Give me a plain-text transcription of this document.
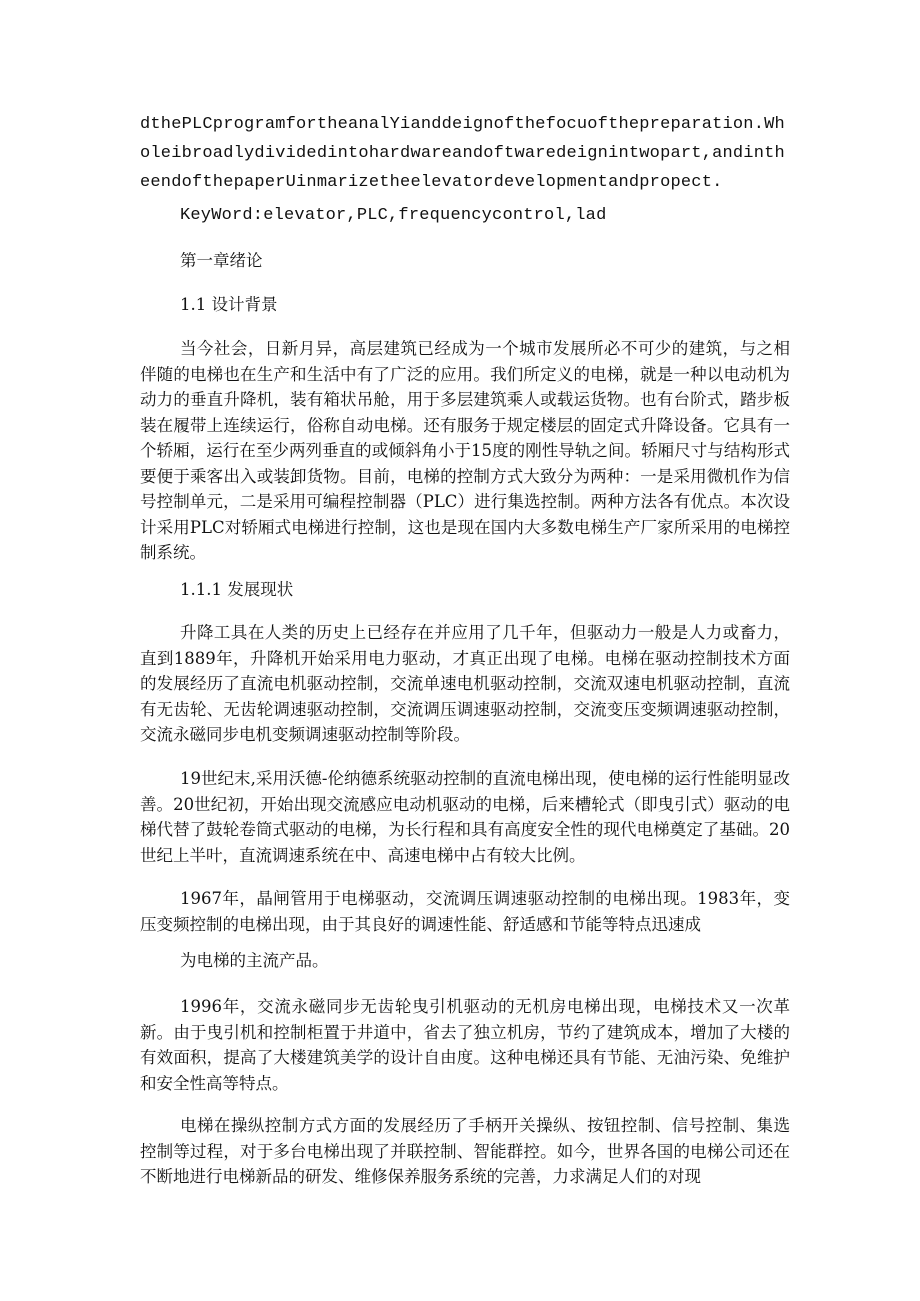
dthePLCprogramfortheanalYianddeignofthefocuofthepreparation.Wholeibroadlydividedintohardwareandoftwaredeignintwopart,andintheendofthepaperUinmarizetheelevatordevelopmentandpropect.

KeyWord:elevator,PLC,frequencycontrol,lad

第一章绪论

1.1 设计背景

当今社会，日新月异，高层建筑已经成为一个城市发展所必不可少的建筑，与之相伴随的电梯也在生产和生活中有了广泛的应用。我们所定义的电梯，就是一种以电动机为动力的垂直升降机，装有箱状吊舱，用于多层建筑乘人或载运货物。也有台阶式，踏步板装在履带上连续运行，俗称自动电梯。还有服务于规定楼层的固定式升降设备。它具有一个轿厢，运行在至少两列垂直的或倾斜角小于15度的刚性导轨之间。轿厢尺寸与结构形式要便于乘客出入或装卸货物。目前，电梯的控制方式大致分为两种：一是采用微机作为信号控制单元，二是采用可编程控制器（PLC）进行集选控制。两种方法各有优点。本次设计采用PLC对轿厢式电梯进行控制，这也是现在国内大多数电梯生产厂家所采用的电梯控制系统。

1.1.1 发展现状

升降工具在人类的历史上已经存在并应用了几千年，但驱动力一般是人力或畜力，直到1889年，升降机开始采用电力驱动，才真正出现了电梯。电梯在驱动控制技术方面的发展经历了直流电机驱动控制，交流单速电机驱动控制，交流双速电机驱动控制，直流有无齿轮、无齿轮调速驱动控制，交流调压调速驱动控制，交流变压变频调速驱动控制，交流永磁同步电机变频调速驱动控制等阶段。

19世纪末,采用沃德-伦纳德系统驱动控制的直流电梯出现，使电梯的运行性能明显改善。20世纪初，开始出现交流感应电动机驱动的电梯，后来槽轮式（即曳引式）驱动的电梯代替了鼓轮卷筒式驱动的电梯，为长行程和具有高度安全性的现代电梯奠定了基础。20世纪上半叶，直流调速系统在中、高速电梯中占有较大比例。

1967年，晶闸管用于电梯驱动，交流调压调速驱动控制的电梯出现。1983年，变压变频控制的电梯出现，由于其良好的调速性能、舒适感和节能等特点迅速成

为电梯的主流产品。

1996年，交流永磁同步无齿轮曳引机驱动的无机房电梯出现，电梯技术又一次革新。由于曳引机和控制柜置于井道中，省去了独立机房，节约了建筑成本，增加了大楼的有效面积，提高了大楼建筑美学的设计自由度。这种电梯还具有节能、无油污染、免维护和安全性高等特点。

电梯在操纵控制方式方面的发展经历了手柄开关操纵、按钮控制、信号控制、集选控制等过程，对于多台电梯出现了并联控制、智能群控。如今，世界各国的电梯公司还在不断地进行电梯新品的研发、维修保养服务系统的完善，力求满足人们的对现
